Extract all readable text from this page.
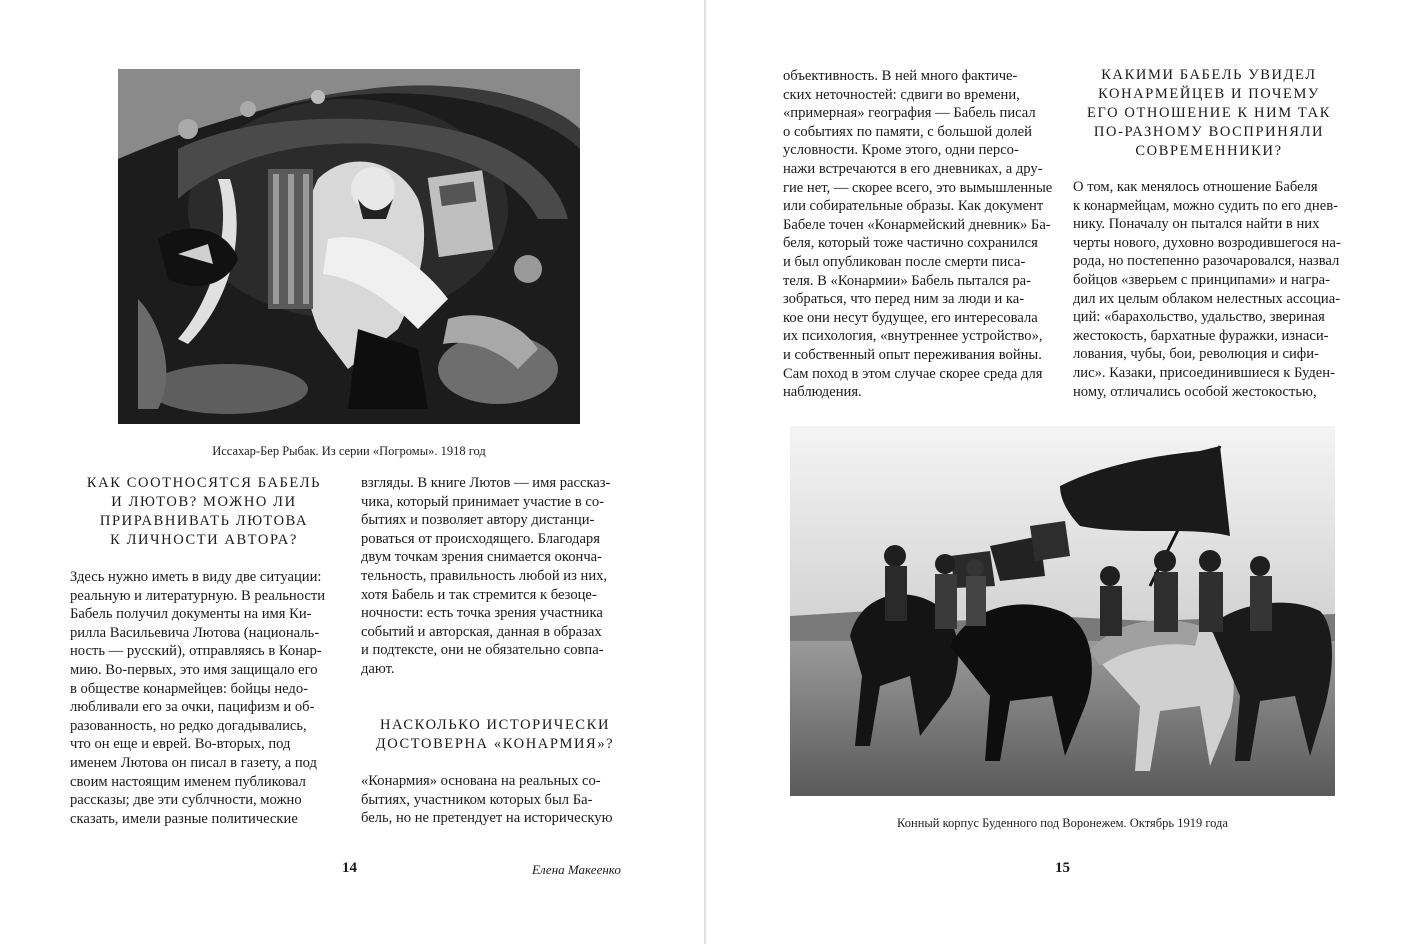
Иссахар-Бер Рыбак. Из серии «Погромы». 1918 год
КАК СООТНОСЯТСЯ БАБЕЛЬ
И ЛЮТОВ? МОЖНО ЛИ
ПРИРАВНИВАТЬ ЛЮТОВА
К ЛИЧНОСТИ АВТОРА?
Здесь нужно иметь в виду две ситуации:
реальную и литературную. В реальности
Бабель получил документы на имя Ки-
рилла Васильевича Лютова (националь-
ность — русский), отправляясь в Конар-
мию. Во-первых, это имя защищало его
в обществе конармейцев: бойцы недо-
любливали его за очки, пацифизм и об-
разованность, но редко догадывались,
что он еще и еврей. Во-вторых, под
именем Лютова он писал в газету, а под
своим настоящим именем публиковал
рассказы; две эти сублчности, можно
сказать, имели разные политические
взгляды. В книге Лютов — имя рассказ-
чика, который принимает участие в со-
бытиях и позволяет автору дистанци-
роваться от происходящего. Благодаря
двум точкам зрения снимается оконча-
тельность, правильность любой из них,
хотя Бабель и так стремится к безоце-
ночности: есть точка зрения участника
событий и авторская, данная в образах
и подтексте, они не обязательно совпа-
дают.
НАСКОЛЬКО ИСТОРИЧЕСКИ
ДОСТОВЕРНА «КОНАРМИЯ»?
«Конармия» основана на реальных со-
бытиях, участником которых был Ба-
бель, но не претендует на историческую
14	Елена Макеенко
объективность. В ней много фактиче-
ских неточностей: сдвиги во времени,
«примерная» география — Бабель писал
о событиях по памяти, с большой долей
условности. Кроме этого, одни персо-
нажи встречаются в его дневниках, а дру-
гие нет, — скорее всего, это вымышленные
или собирательные образы. Как документ
Бабеле точен «Конармейский дневник» Ба-
беля, который тоже частично сохранился
и был опубликован после смерти писа-
теля. В «Конармии» Бабель пытался ра-
зобраться, что перед ним за люди и ка-
кое они несут будущее, его интересовала
их психология, «внутреннее устройство»,
и собственный опыт переживания войны.
Сам поход в этом случае скорее среда для
наблюдения.
КАКИМИ БАБЕЛЬ УВИДЕЛ
КОНАРМЕЙЦЕВ И ПОЧЕМУ
ЕГО ОТНОШЕНИЕ К НИМ ТАК
ПО-РАЗНОМУ ВОСПРИНЯЛИ
СОВРЕМЕННИКИ?
О том, как менялось отношение Бабеля
к конармейцам, можно судить по его днев-
нику. Поначалу он пытался найти в них
черты нового, духовно возродившегося на-
рода, но постепенно разочаровался, назвал
бойцов «зверьем с принципами» и награ-
дил их целым облаком нелестных ассоциа-
ций: «барахольство, удальство, звериная
жестокость, бархатные фуражки, изнаси-
лования, чубы, бои, революция и сифи-
лис». Казаки, присоединившиеся к Буден-
ному, отличались особой жестокостью,
Конный корпус Буденного под Воронежем. Октябрь 1919 года
15
